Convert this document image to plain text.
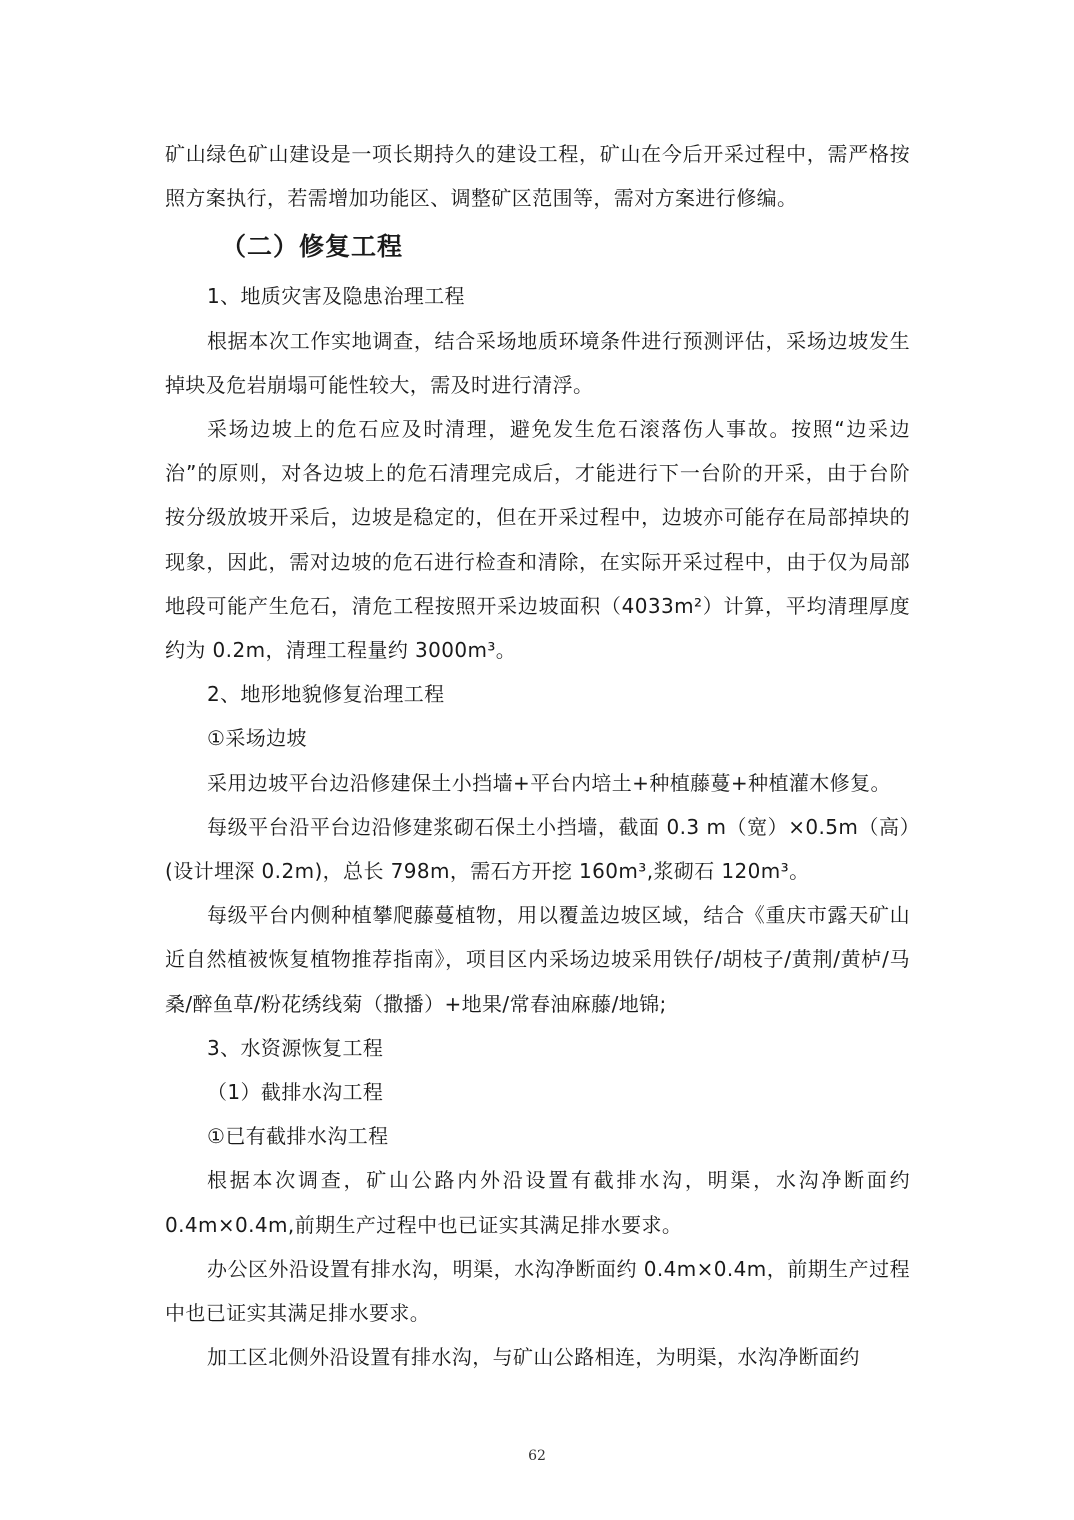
矿山绿色矿山建设是一项长期持久的建设工程，矿山在今后开采过程中，需严格按照方案执行，若需增加功能区、调整矿区范围等，需对方案进行修编。

（二）修复工程

1、地质灾害及隐患治理工程

根据本次工作实地调查，结合采场地质环境条件进行预测评估，采场边坡发生掉块及危岩崩塌可能性较大，需及时进行清浮。

采场边坡上的危石应及时清理，避免发生危石滚落伤人事故。按照“边采边治”的原则，对各边坡上的危石清理完成后，才能进行下一台阶的开采，由于台阶按分级放坡开采后，边坡是稳定的，但在开采过程中，边坡亦可能存在局部掉块的现象，因此，需对边坡的危石进行检查和清除，在实际开采过程中，由于仅为局部地段可能产生危石，清危工程按照开采边坡面积（4033m²）计算，平均清理厚度约为 0.2m，清理工程量约 3000m³。

2、地形地貌修复治理工程

①采场边坡

采用边坡平台边沿修建保土小挡墙+平台内培土+种植藤蔓+种植灌木修复。

每级平台沿平台边沿修建浆砌石保土小挡墙，截面 0.3 m（宽）×0.5m（高）(设计埋深 0.2m)，总长 798m，需石方开挖 160m³,浆砌石 120m³。

每级平台内侧种植攀爬藤蔓植物，用以覆盖边坡区域，结合《重庆市露天矿山近自然植被恢复植物推荐指南》，项目区内采场边坡采用铁仔/胡枝子/黄荆/黄栌/马桑/醉鱼草/粉花绣线菊（撒播）+地果/常春油麻藤/地锦;

3、水资源恢复工程

（1）截排水沟工程

①已有截排水沟工程

根据本次调查，矿山公路内外沿设置有截排水沟，明渠，水沟净断面约 0.4m×0.4m,前期生产过程中也已证实其满足排水要求。

办公区外沿设置有排水沟，明渠，水沟净断面约 0.4m×0.4m，前期生产过程中也已证实其满足排水要求。

加工区北侧外沿设置有排水沟，与矿山公路相连，为明渠，水沟净断面约

62
